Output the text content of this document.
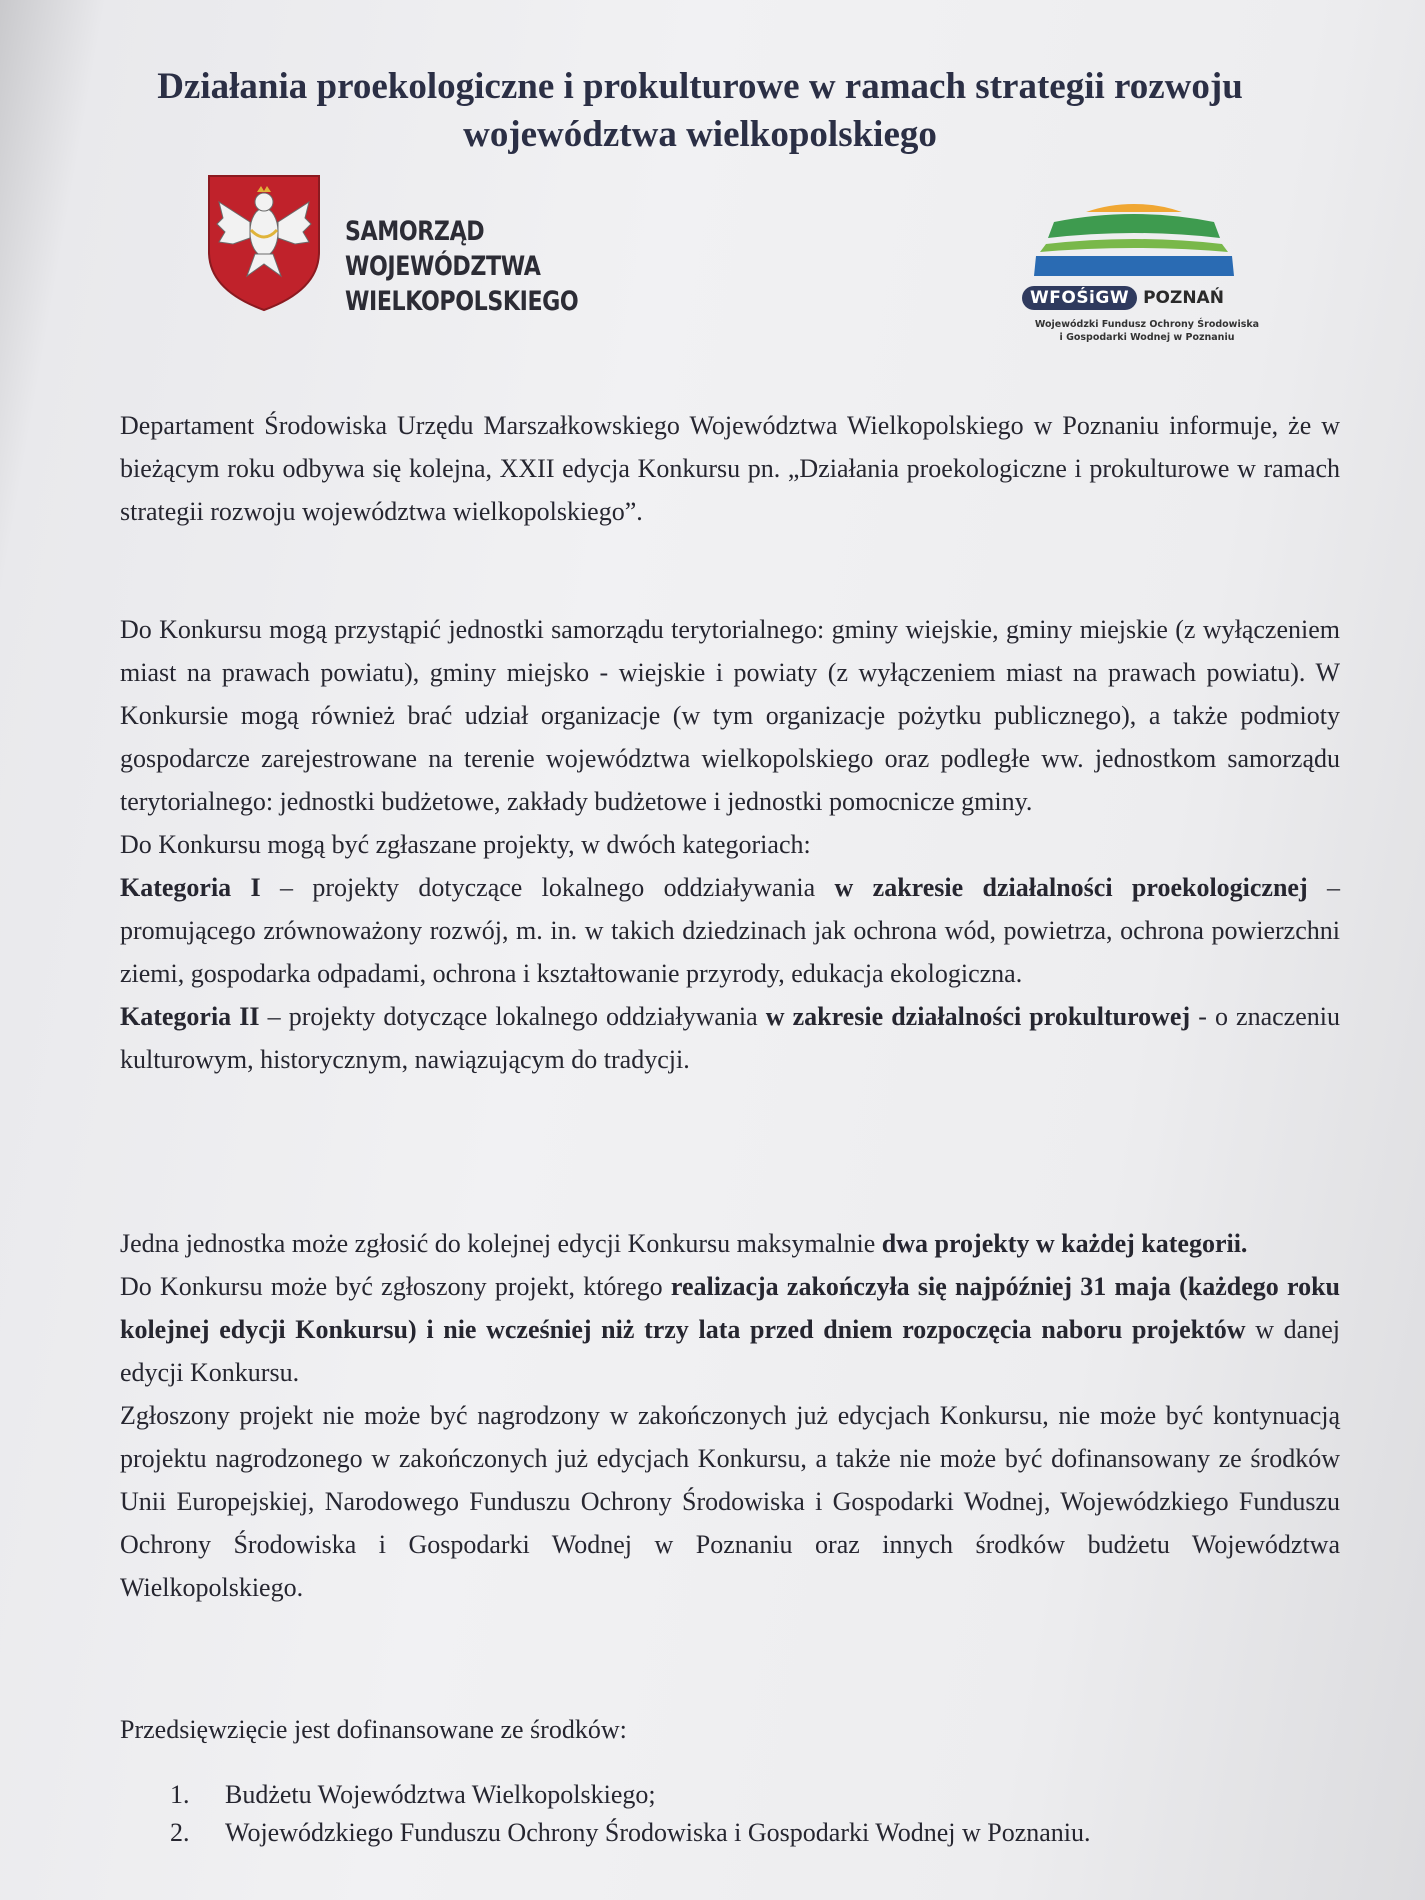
Działania proekologiczne i prokulturowe w ramach strategii rozwoju
województwa wielkopolskiego
SAMORZĄD WOJEWÓDZTWA
WIELKOPOLSKIEGO	WFOŚiGW POZNAŃ
Wojewódzki Fundusz Ochrony Środowiska
i Gospodarki Wodnej w Poznaniu

Departament Środowiska Urzędu Marszałkowskiego Województwa Wielkopolskiego w Poznaniu informuje, że w bieżącym roku odbywa się kolejna, XXII edycja Konkursu pn. „Działania proekologiczne i prokulturowe w ramach strategii rozwoju województwa wielkopolskiego”.

Do Konkursu mogą przystąpić jednostki samorządu terytorialnego: gminy wiejskie, gminy miejskie (z wyłączeniem miast na prawach powiatu), gminy miejsko - wiejskie i powiaty (z wyłączeniem miast na prawach powiatu). W Konkursie mogą również brać udział organizacje (w tym organizacje pożytku publicznego), a także podmioty gospodarcze zarejestrowane na terenie województwa wielkopolskiego oraz podległe ww. jednostkom samorządu terytorialnego: jednostki budżetowe, zakłady budżetowe i jednostki pomocnicze gminy.

Do Konkursu mogą być zgłaszane projekty, w dwóch kategoriach:

Kategoria I – projekty dotyczące lokalnego oddziaływania w zakresie działalności proekologicznej – promującego zrównoważony rozwój, m. in. w takich dziedzinach jak ochrona wód, powietrza, ochrona powierzchni ziemi, gospodarka odpadami, ochrona i kształtowanie przyrody, edukacja ekologiczna.

Kategoria II – projekty dotyczące lokalnego oddziaływania w zakresie działalności prokulturowej - o znaczeniu kulturowym, historycznym, nawiązującym do tradycji.

Jedna jednostka może zgłosić do kolejnej edycji Konkursu maksymalnie dwa projekty w każdej kategorii.

Do Konkursu może być zgłoszony projekt, którego realizacja zakończyła się najpóźniej 31 maja (każdego roku kolejnej edycji Konkursu) i nie wcześniej niż trzy lata przed dniem rozpoczęcia naboru projektów w danej edycji Konkursu.

Zgłoszony projekt nie może być nagrodzony w zakończonych już edycjach Konkursu, nie może być kontynuacją projektu nagrodzonego w zakończonych już edycjach Konkursu, a także nie może być dofinansowany ze środków Unii Europejskiej, Narodowego Funduszu Ochrony Środowiska i Gospodarki Wodnej, Wojewódzkiego Funduszu Ochrony Środowiska i Gospodarki Wodnej w Poznaniu oraz innych środków budżetu Województwa Wielkopolskiego.

Przedsięwzięcie jest dofinansowane ze środków:

1.	Budżetu Województwa Wielkopolskiego;
2.	Wojewódzkiego Funduszu Ochrony Środowiska i Gospodarki Wodnej w Poznaniu.
